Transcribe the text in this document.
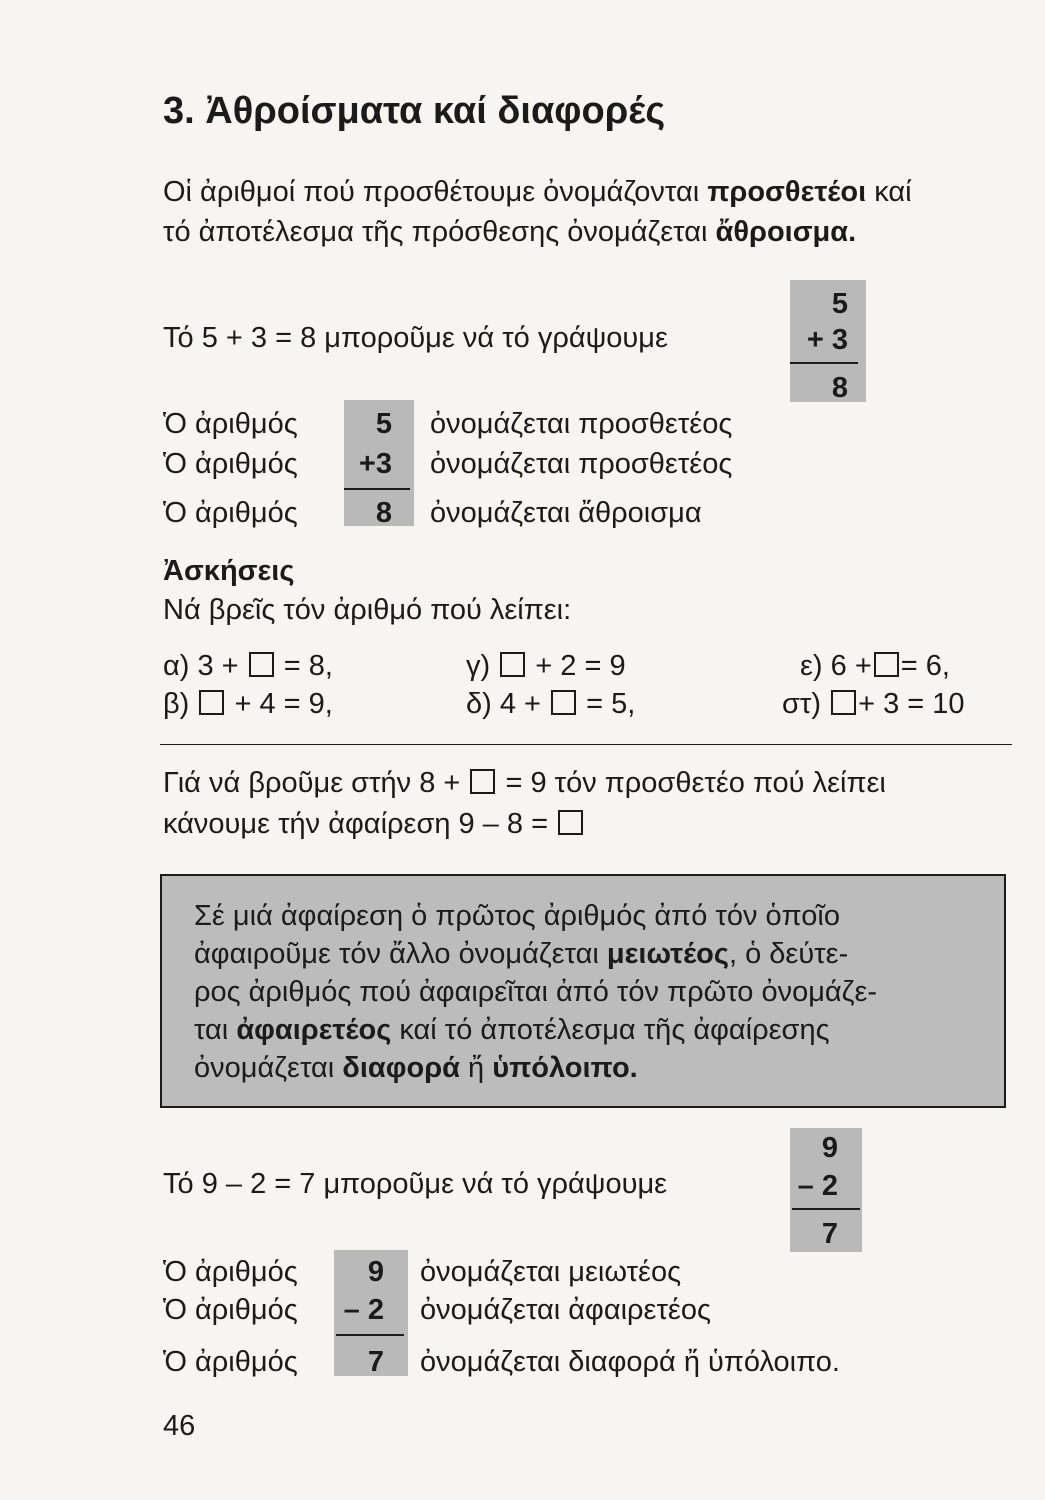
3. Ἀθροίσματα καί διαφορές
Οἱ ἀριθμοί πού προσθέτουμε ὀνομάζονται προσθετέοι καί
τό ἀποτέλεσμα τῆς πρόσθεσης ὀνομάζεται ἄθροισμα.
Τό 5 + 3 = 8 μποροῦμε νά τό γράψουμε
5
+ 3
8
Ὁ ἀριθμός	5 ὀνομάζεται προσθετέος
Ὁ ἀριθμός	+3 ὀνομάζεται προσθετέος
Ὁ ἀριθμός	8 ὀνομάζεται ἄθροισμα
Ἀσκήσεις
Νά βρεῖς τόν ἀριθμό πού λείπει:
α) 3 + = 8,	γ) + 2 = 9	ε) 6 + = 6,
β) + 4 = 9,	δ) 4 + = 5,	στ) + 3 = 10
Γιά νά βροῦμε στήν 8 + = 9 τόν προσθετέο πού λείπει
κάνουμε τήν ἀφαίρεση 9 – 8 =
Σέ μιά ἀφαίρεση ὁ πρῶτος ἀριθμός ἀπό τόν ὁποῖο
ἀφαιροῦμε τόν ἄλλο ὀνομάζεται μειωτέος, ὁ δεύτε-
ρος ἀριθμός πού ἀφαιρεῖται ἀπό τόν πρῶτο ὀνομάζε-
ται ἀφαιρετέος καί τό ἀποτέλεσμα τῆς ἀφαίρεσης
ὀνομάζεται διαφορά ἤ ὑπόλοιπο.
Τό 9 – 2 = 7 μποροῦμε νά τό γράψουμε
9
– 2
7
Ὁ ἀριθμός	9 ὀνομάζεται μειωτέος
Ὁ ἀριθμός	– 2 ὀνομάζεται ἀφαιρετέος
Ὁ ἀριθμός	7 ὀνομάζεται διαφορά ἤ ὑπόλοιπο.
46
